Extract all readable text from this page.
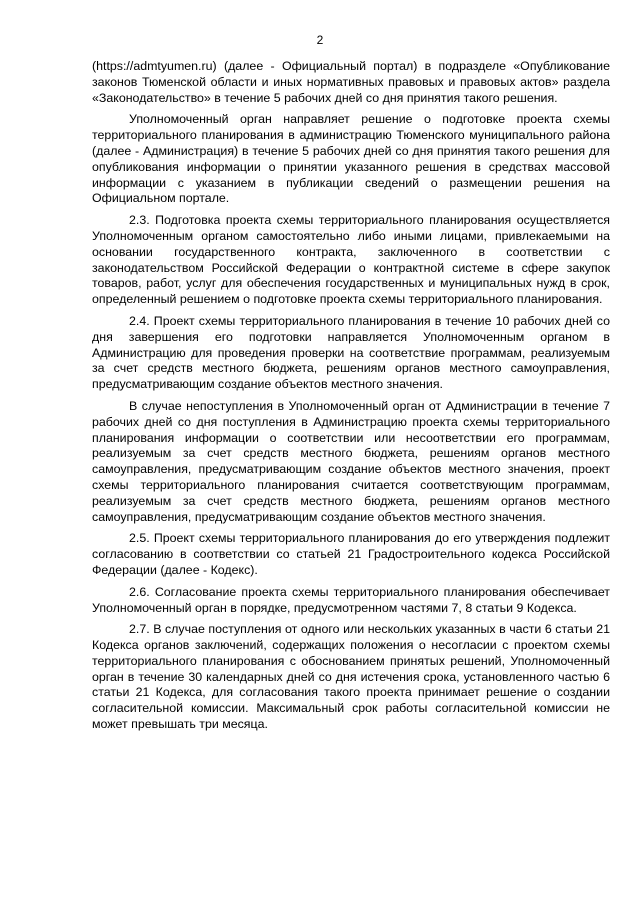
2

(https://admtyumen.ru) (далее - Официальный портал) в подразделе «Опубликование законов Тюменской области и иных нормативных правовых и правовых актов» раздела «Законодательство» в течение 5 рабочих дней со дня принятия такого решения.

Уполномоченный орган направляет решение о подготовке проекта схемы территориального планирования в администрацию Тюменского муниципального района (далее - Администрация) в течение 5 рабочих дней со дня принятия такого решения для опубликования информации о принятии указанного решения в средствах массовой информации с указанием в публикации сведений о размещении решения на Официальном портале.

2.3. Подготовка проекта схемы территориального планирования осуществляется Уполномоченным органом самостоятельно либо иными лицами, привлекаемыми на основании государственного контракта, заключенного в соответствии с законодательством Российской Федерации о контрактной системе в сфере закупок товаров, работ, услуг для обеспечения государственных и муниципальных нужд в срок, определенный решением о подготовке проекта схемы территориального планирования.

2.4. Проект схемы территориального планирования в течение 10 рабочих дней со дня завершения его подготовки направляется Уполномоченным органом в Администрацию для проведения проверки на соответствие программам, реализуемым за счет средств местного бюджета, решениям органов местного самоуправления, предусматривающим создание объектов местного значения.

В случае непоступления в Уполномоченный орган от Администрации в течение 7 рабочих дней со дня поступления в Администрацию проекта схемы территориального планирования информации о соответствии или несоответствии его программам, реализуемым за счет средств местного бюджета, решениям органов местного самоуправления, предусматривающим создание объектов местного значения, проект схемы территориального планирования считается соответствующим программам, реализуемым за счет средств местного бюджета, решениям органов местного самоуправления, предусматривающим создание объектов местного значения.

2.5. Проект схемы территориального планирования до его утверждения подлежит согласованию в соответствии со статьей 21 Градостроительного кодекса Российской Федерации (далее - Кодекс).

2.6. Согласование проекта схемы территориального планирования обеспечивает Уполномоченный орган в порядке, предусмотренном частями 7, 8 статьи 9 Кодекса.

2.7. В случае поступления от одного или нескольких указанных в части 6 статьи 21 Кодекса органов заключений, содержащих положения о несогласии с проектом схемы территориального планирования с обоснованием принятых решений, Уполномоченный орган в течение 30 календарных дней со дня истечения срока, установленного частью 6 статьи 21 Кодекса, для согласования такого проекта принимает решение о создании согласительной комиссии. Максимальный срок работы согласительной комиссии не может превышать три месяца.
